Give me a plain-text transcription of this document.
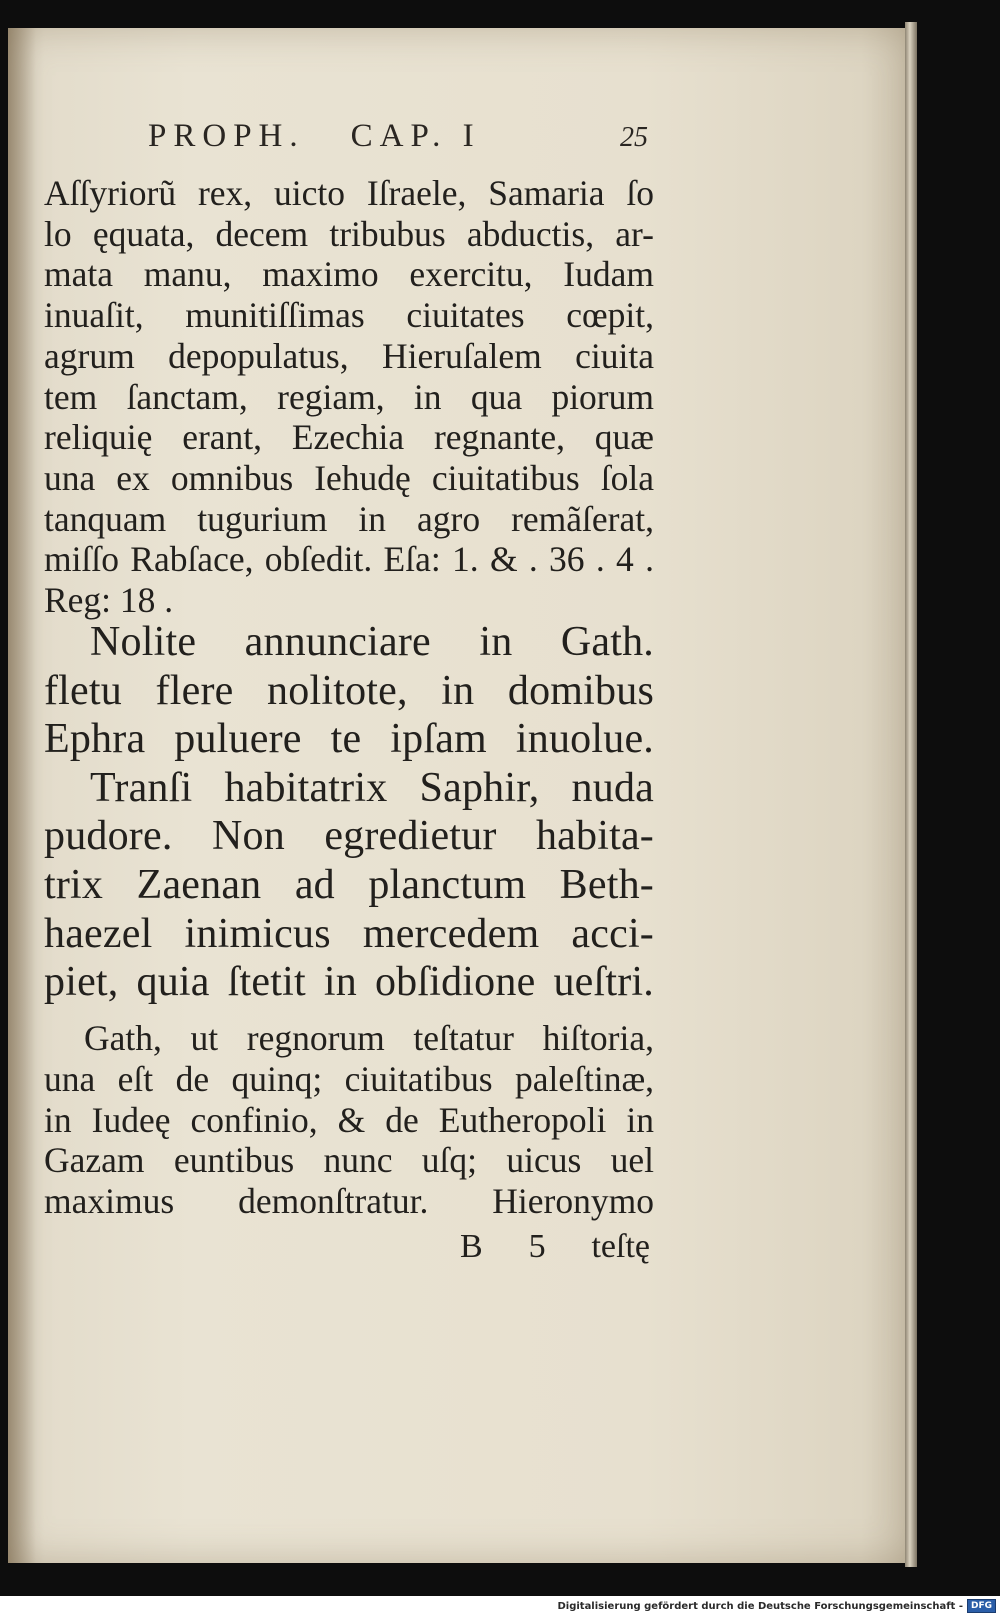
PROPH. CAP. I	25
Aſſyriorũ rex, uicto Iſraele, Samaria ſo
lo ęquata, decem tribubus abductis, ar-
mata manu, maximo exercitu, Iudam
inuaſit, munitiſſimas ciuitates cœpit,
agrum depopulatus, Hieruſalem ciuita
tem ſanctam, regiam, in qua piorum
reliquię erant, Ezechia regnante, quæ
una ex omnibus Iehudę ciuitatibus ſola
tanquam tugurium in agro remãſerat,
miſſo Rabſace, obſedit. Eſa: 1. & . 36 . 4 .
Reg: 18 .
Nolite annunciare in Gath.
fletu flere nolitote, in domibus
Ephra puluere te ipſam inuolue.
Tranſi habitatrix Saphir, nuda
pudore. Non egredietur habita-
trix Zaenan ad planctum Beth-
haezel inimicus mercedem acci-
piet, quia ſtetit in obſidione ueſtri.
Gath, ut regnorum teſtatur hiſtoria,
una eſt de quinq; ciuitatibus paleſtinæ,
in Iudeę confinio, & de Eutheropoli in
Gazam euntibus nunc uſq; uicus uel
maximus demonſtratur. Hieronymo
B 5 teſtę
Digitalisierung gefördert durch die Deutsche Forschungsgemeinschaft - DFG
